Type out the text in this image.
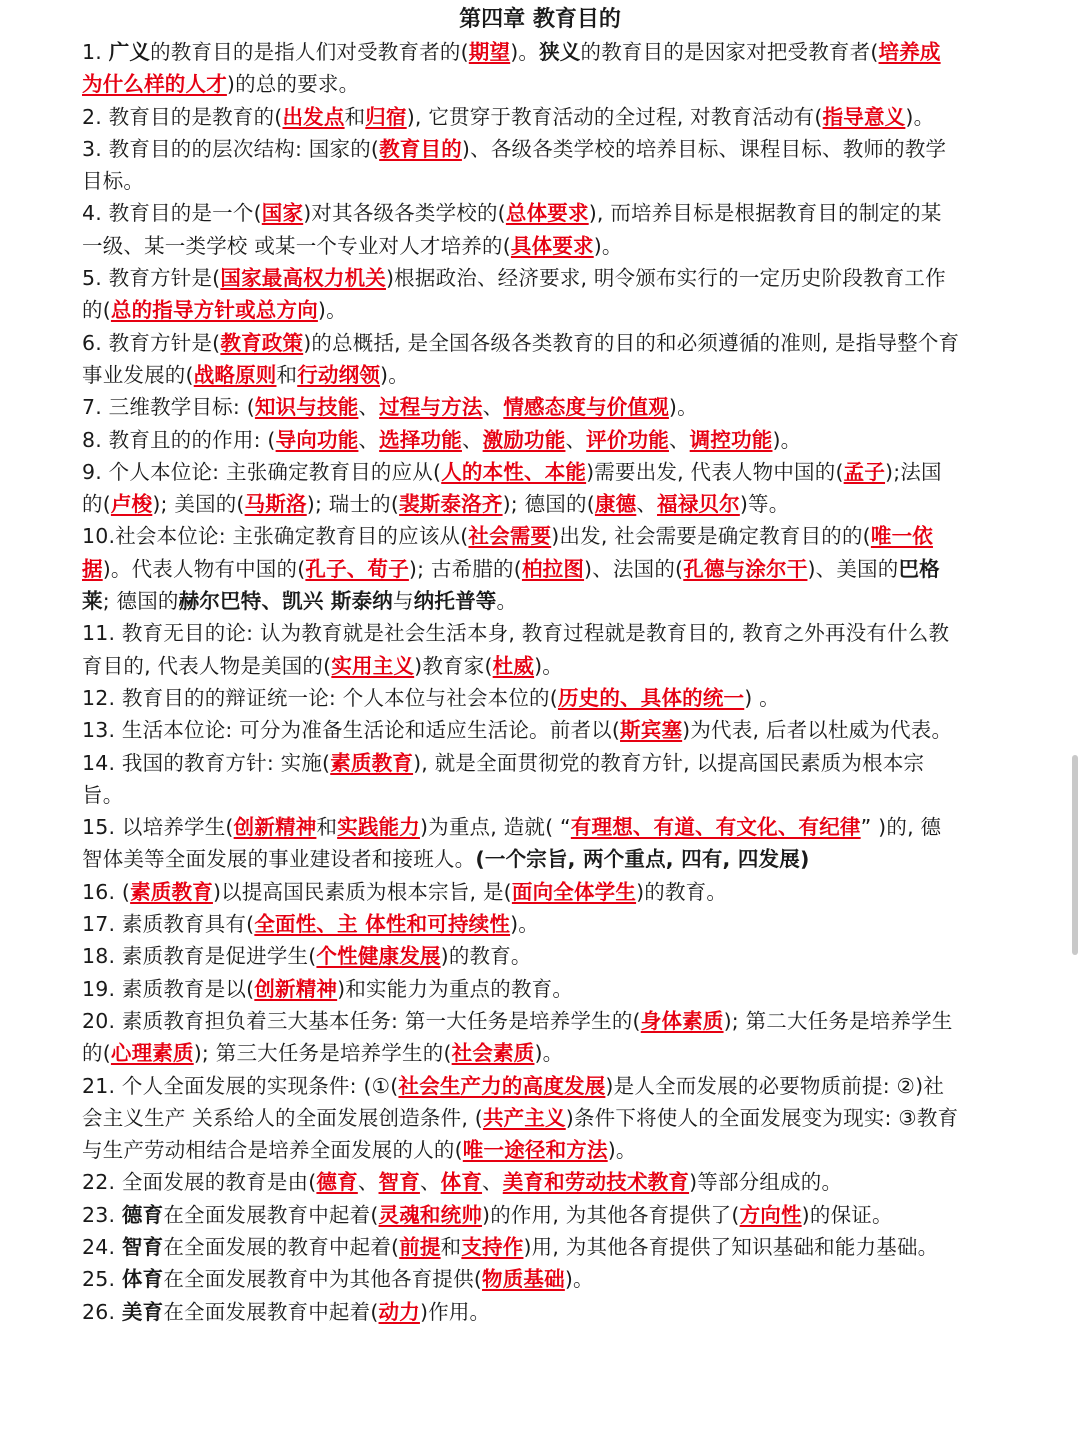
第四章 教育目的

1. 广义的教育目的是指人们对受教育者的(期望)。狭义的教育目的是因家对把受教育者(培养成为什么样的人才)的总的要求。

2. 教育目的是教育的(出发点和归宿), 它贯穿于教育活动的全过程, 对教育活动有(指导意义)。

3. 教育目的的层次结构: 国家的(教育目的)、各级各类学校的培养目标、课程目标、教师的教学目标。

4. 教育目的是一个(国家)对其各级各类学校的(总体要求), 而培养目标是根据教育目的制定的某一级、某一类学校 或某一个专业对人才培养的(具体要求)。

5. 教育方针是(国家最高权力机关)根据政治、经济要求, 明令颁布实行的一定历史阶段教育工作的(总的指导方针或总方向)。

6. 教育方针是(教育政策)的总概括, 是全国各级各类教育的目的和必须遵循的准则, 是指导整个育事业发展的(战略原则和行动纲领)。

7. 三维教学目标: (知识与技能、过程与方法、情感态度与价值观)。

8. 教育且的的作用: (导向功能、选择功能、激励功能、评价功能、调控功能)。

9. 个人本位论: 主张确定教育目的应从(人的本性、本能)需要出发, 代表人物中国的(孟子);法国的(卢梭); 美国的(马斯洛); 瑞士的(裴斯泰洛齐); 德国的(康德、福禄贝尔)等。

10.社会本位论: 主张确定教育目的应该从(社会需要)出发, 社会需要是确定教育目的的(唯一依据)。代表人物有中国的(孔子、荀子); 古希腊的(柏拉图)、法国的(孔德与涂尔干)、美国的巴格莱; 德国的赫尔巴特、凯兴 斯泰纳与纳托普等。

11. 教育无目的论: 认为教育就是社会生活本身, 教育过程就是教育目的, 教育之外再没有什么教育目的, 代表人物是美国的(实用主义)教育家(杜威)。

12. 教育目的的辩证统一论: 个人本位与社会本位的(历史的、具体的统一) 。

13. 生活本位论: 可分为准备生活论和适应生活论。前者以(斯宾塞)为代表, 后者以杜威为代表。

14. 我国的教育方针: 实施(素质教育), 就是全面贯彻党的教育方针, 以提高国民素质为根本宗旨。

15. 以培养学生(创新精神和实践能力)为重点, 造就( “有理想、有道、有文化、有纪律” )的, 德智体美等全面发展的事业建设者和接班人。(一个宗旨, 两个重点, 四有, 四发展)

16. (素质教育)以提高国民素质为根本宗旨, 是(面向全体学生)的教育。

17. 素质教育具有(全面性、主 体性和可持续性)。

18. 素质教育是促进学生(个性健康发展)的教育。

19. 素质教育是以(创新精神)和实能力为重点的教育。

20. 素质教育担负着三大基本任务: 第一大任务是培养学生的(身体素质); 第二大任务是培养学生的(心理素质); 第三大任务是培养学生的(社会素质)。

21. 个人全面发展的实现条件: (①(社会生产力的高度发展)是人全而发展的必要物质前提: ②)社会主义生产 关系给人的全面发展创造条件, (共产主义)条件下将使人的全面发展变为现实: ③教育与生产劳动相结合是培养全面发展的人的(唯一途径和方法)。

22. 全面发展的教育是由(德育、智育、体育、美育和劳动技术教育)等部分组成的。

23. 德育在全面发展教育中起着(灵魂和统帅)的作用, 为其他各育提供了(方向性)的保证。

24. 智育在全面发展的教育中起着(前提和支持作)用, 为其他各育提供了知识基础和能力基础。

25. 体育在全面发展教育中为其他各育提供(物质基础)。

26. 美育在全面发展教育中起着(动力)作用。
